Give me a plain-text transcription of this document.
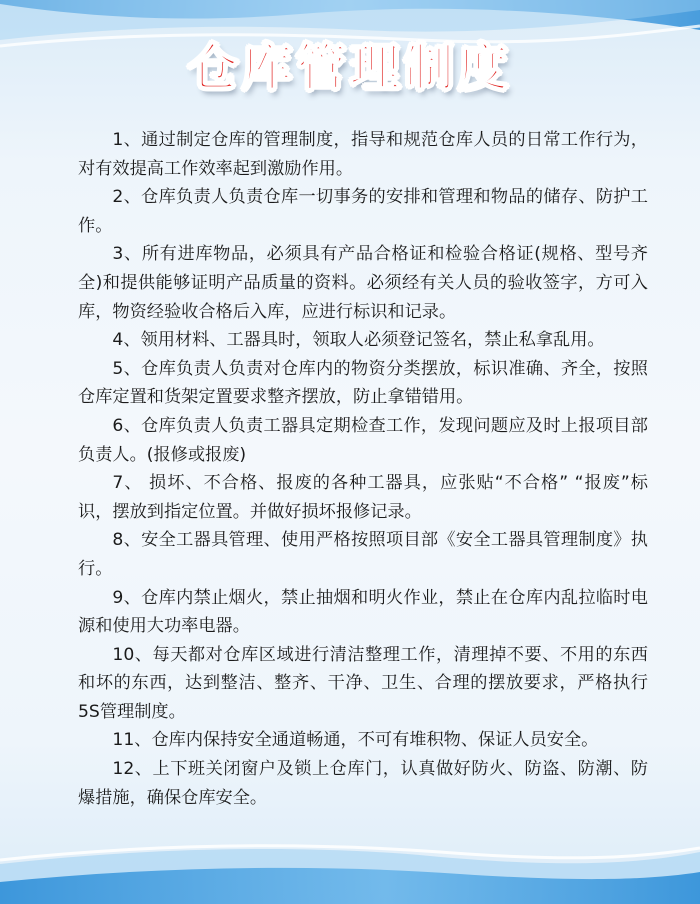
仓库管理制度

1、通过制定仓库的管理制度，指导和规范仓库人员的日常工作行为，对有效提高工作效率起到激励作用。

2、仓库负责人负责仓库一切事务的安排和管理和物品的储存、防护工作。

3、所有进库物品，必须具有产品合格证和检验合格证(规格、型号齐全)和提供能够证明产品质量的资料。必须经有关人员的验收签字，方可入库，物资经验收合格后入库，应进行标识和记录。

4、领用材料、工器具时，领取人必须登记签名，禁止私拿乱用。

5、仓库负责人负责对仓库内的物资分类摆放，标识准确、齐全，按照仓库定置和货架定置要求整齐摆放，防止拿错错用。

6、仓库负责人负责工器具定期检查工作，发现问题应及时上报项目部负责人。(报修或报废)

7、 损坏、不合格、报废的各种工器具，应张贴“不合格” “报废”标识，摆放到指定位置。并做好损坏报修记录。

8、安全工器具管理、使用严格按照项目部《安全工器具管理制度》执行。

9、仓库内禁止烟火，禁止抽烟和明火作业，禁止在仓库内乱拉临时电源和使用大功率电器。

10、每天都对仓库区域进行清洁整理工作，清理掉不要、不用的东西和坏的东西，达到整洁、整齐、干净、卫生、合理的摆放要求，严格执行5S管理制度。

11、仓库内保持安全通道畅通，不可有堆积物、保证人员安全。

12、上下班关闭窗户及锁上仓库门，认真做好防火、防盗、防潮、防爆措施，确保仓库安全。
